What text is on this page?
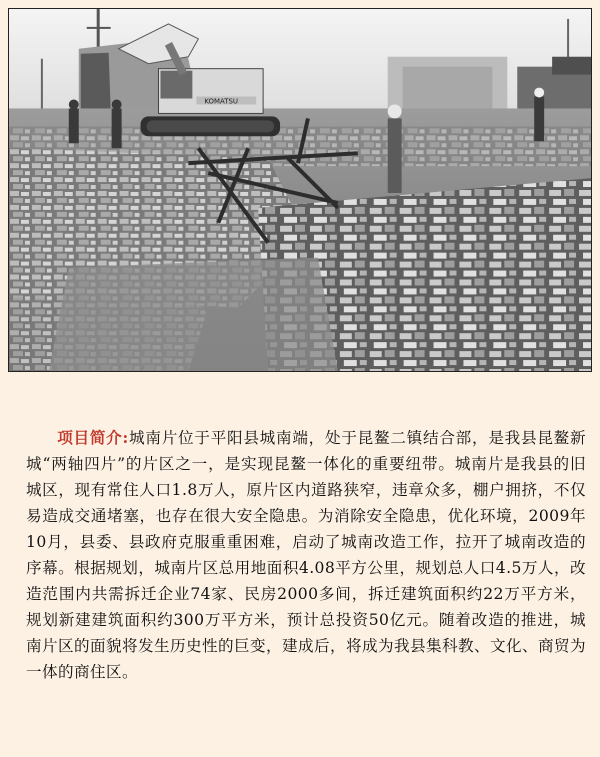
KOMATSU
项目简介:城南片位于平阳县城南端，处于昆鳌二镇结合部，是我县昆鳌新城“两轴四片”的片区之一，是实现昆鳌一体化的重要纽带。城南片是我县的旧城区，现有常住人口1.8万人，原片区内道路狭窄，违章众多，棚户拥挤，不仅易造成交通堵塞，也存在很大安全隐患。为消除安全隐患，优化环境，2009年10月，县委、县政府克服重重困难，启动了城南改造工作，拉开了城南改造的序幕。根据规划，城南片区总用地面积4.08平方公里，规划总人口4.5万人，改造范围内共需拆迁企业74家、民房2000多间，拆迁建筑面积约22万平方米，规划新建建筑面积约300万平方米，预计总投资50亿元。随着改造的推进，城南片区的面貌将发生历史性的巨变，建成后，将成为我县集科教、文化、商贸为一体的商住区。
